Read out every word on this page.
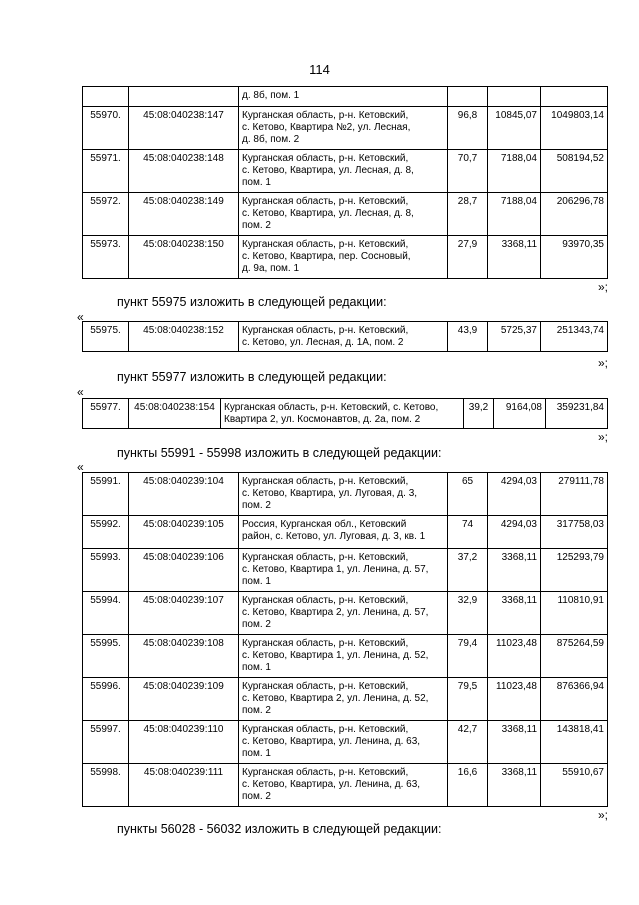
114

		д. 8б, пом. 1			

55970.	45:08:040238:147	Курганская область, р-н. Кетовский,
с. Кетово, Квартира №2, ул. Лесная,
д. 8б, пом. 2	96,8	10845,07	1049803,14
55971.	45:08:040238:148	Курганская область, р-н. Кетовский,
с. Кетово, Квартира, ул. Лесная, д. 8,
пом. 1	70,7	7188,04	508194,52
55972.	45:08:040238:149	Курганская область, р-н. Кетовский,
с. Кетово, Квартира, ул. Лесная, д. 8,
пом. 2	28,7	7188,04	206296,78
55973.	45:08:040238:150	Курганская область, р-н. Кетовский,
с. Кетово, Квартира, пер. Сосновый,
д. 9а, пом. 1	27,9	3368,11	93970,35
»;
пункт 55975 изложить в следующей редакции:
«
55975.	45:08:040238:152	Курганская область, р-н. Кетовский,
с. Кетово, ул. Лесная, д. 1А, пом. 2
	43,9	5725,37	251343,74
»;
пункт 55977 изложить в следующей редакции:
«
55977.	45:08:040238:154	Курганская область, р-н. Кетовский, с. Кетово,
Квартира 2, ул. Космонавтов, д. 2а, пом. 2
	39,2	9164,08	359231,84
»;
пункты 55991 - 55998 изложить в следующей редакции:
«
55991.	45:08:040239:104	Курганская область, р-н. Кетовский,
с. Кетово, Квартира, ул. Луговая, д. 3,
пом. 2	65	4294,03	279111,78
55992.	45:08:040239:105	Россия, Курганская обл., Кетовский
район, с. Кетово, ул. Луговая, д. 3, кв. 1	74	4294,03	317758,03
55993.	45:08:040239:106	Курганская область, р-н. Кетовский,
с. Кетово, Квартира 1, ул. Ленина, д. 57,
пом. 1	37,2	3368,11	125293,79
55994.	45:08:040239:107	Курганская область, р-н. Кетовский,
с. Кетово, Квартира 2, ул. Ленина, д. 57,
пом. 2	32,9	3368,11	110810,91
55995.	45:08:040239:108	Курганская область, р-н. Кетовский,
с. Кетово, Квартира 1, ул. Ленина, д. 52,
пом. 1	79,4	11023,48	875264,59
55996.	45:08:040239:109	Курганская область, р-н. Кетовский,
с. Кетово, Квартира 2, ул. Ленина, д. 52,
пом. 2	79,5	11023,48	876366,94
55997.	45:08:040239:110	Курганская область, р-н. Кетовский,
с. Кетово, Квартира, ул. Ленина, д. 63,
пом. 1	42,7	3368,11	143818,41
55998.	45:08:040239:111	Курганская область, р-н. Кетовский,
с. Кетово, Квартира, ул. Ленина, д. 63,
пом. 2	16,6	3368,11	55910,67
»;
пункты 56028 - 56032 изложить в следующей редакции:
